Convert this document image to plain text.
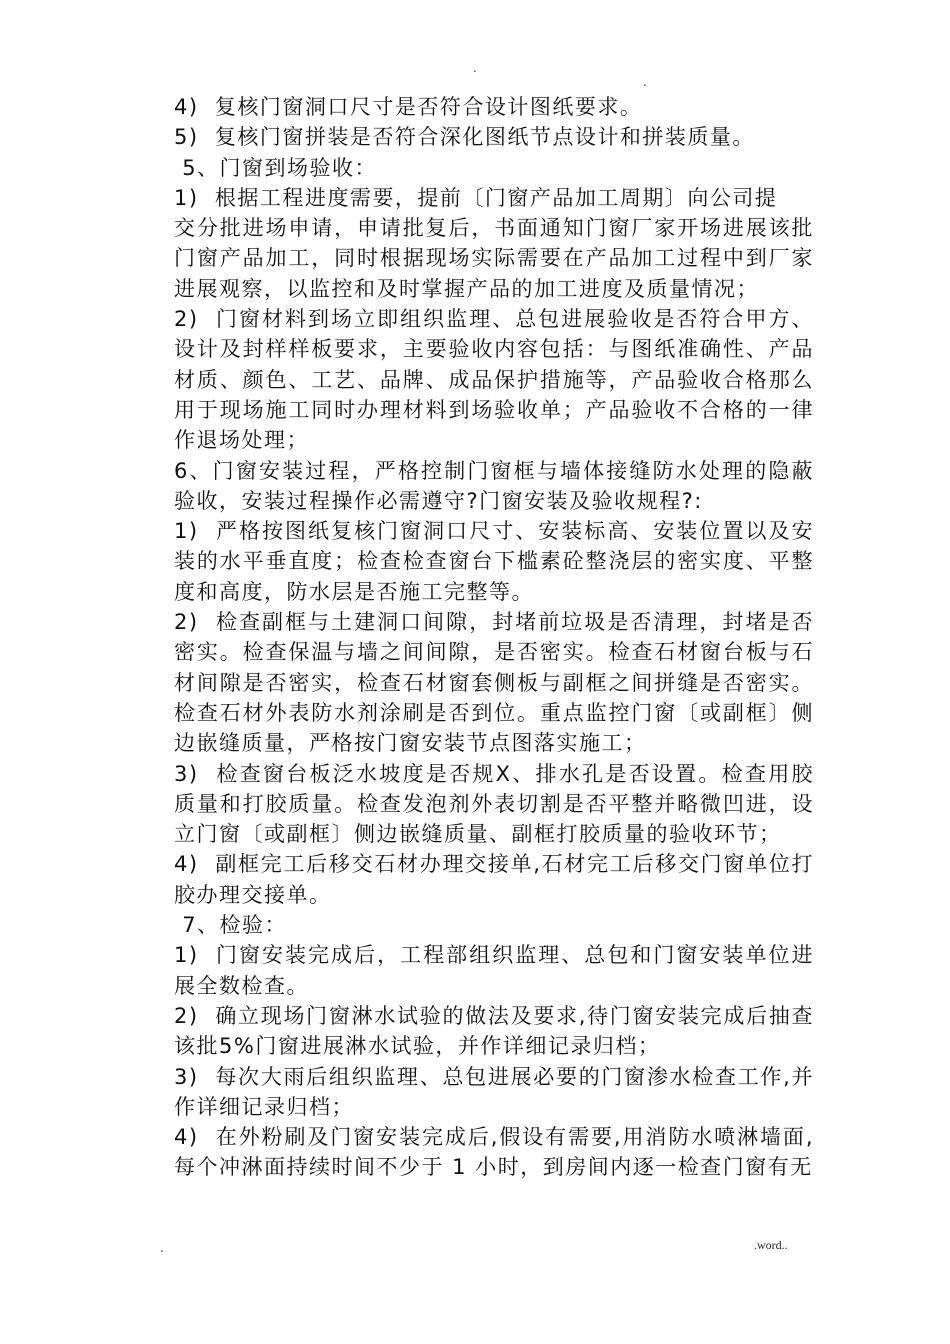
.
.

4)  复核门窗洞口尺寸是否符合设计图纸要求。

5)  复核门窗拼装是否符合深化图纸节点设计和拼装质量。

5、门窗到场验收：

1)  根据工程进度需要，提前〔门窗产品加工周期〕向公司提
交分批进场申请，申请批复后，书面通知门窗厂家开场进展该批门窗产品加工，同时根据现场实际需要在产品加工过程中到厂家进展观察，以监控和及时掌握产品的加工进度及质量情况；

2)  门窗材料到场立即组织监理、总包进展验收是否符合甲方、设计及封样样板要求，主要验收内容包括：与图纸准确性、产品材质、颜色、工艺、品牌、成品保护措施等，产品验收合格那么用于现场施工同时办理材料到场验收单；产品验收不合格的一律作退场处理；

6、门窗安装过程，严格控制门窗框与墙体接缝防水处理的隐蔽验收，安装过程操作必需遵守?门窗安装及验收规程?:

1)  严格按图纸复核门窗洞口尺寸、安装标高、安装位置以及安装的水平垂直度；检查检查窗台下槛素砼整浇层的密实度、平整度和高度，防水层是否施工完整等。

2)  检查副框与土建洞口间隙，封堵前垃圾是否清理，封堵是否密实。检查保温与墙之间间隙，是否密实。检查石材窗台板与石材间隙是否密实，检查石材窗套侧板与副框之间拼缝是否密实。检查石材外表防水剂涂刷是否到位。重点监控门窗〔或副框〕侧边嵌缝质量，严格按门窗安装节点图落实施工；

3)  检查窗台板泛水坡度是否规X、排水孔是否设置。检查用胶质量和打胶质量。检查发泡剂外表切割是否平整并略微凹进，设立门窗〔或副框〕侧边嵌缝质量、副框打胶质量的验收环节；

4)  副框完工后移交石材办理交接单,石材完工后移交门窗单位打胶办理交接单。

7、检验：

1)  门窗安装完成后，工程部组织监理、总包和门窗安装单位进展全数检查。

2)  确立现场门窗淋水试验的做法及要求,待门窗安装完成后抽查该批5%门窗进展淋水试验，并作详细记录归档；

3)  每次大雨后组织监理、总包进展必要的门窗渗水检查工作,并作详细记录归档；

4)  在外粉刷及门窗安装完成后,假设有需要,用消防水喷淋墙面,每个冲淋面持续时间不少于 1 小时，到房间内逐一检查门窗有无

.	.word..
